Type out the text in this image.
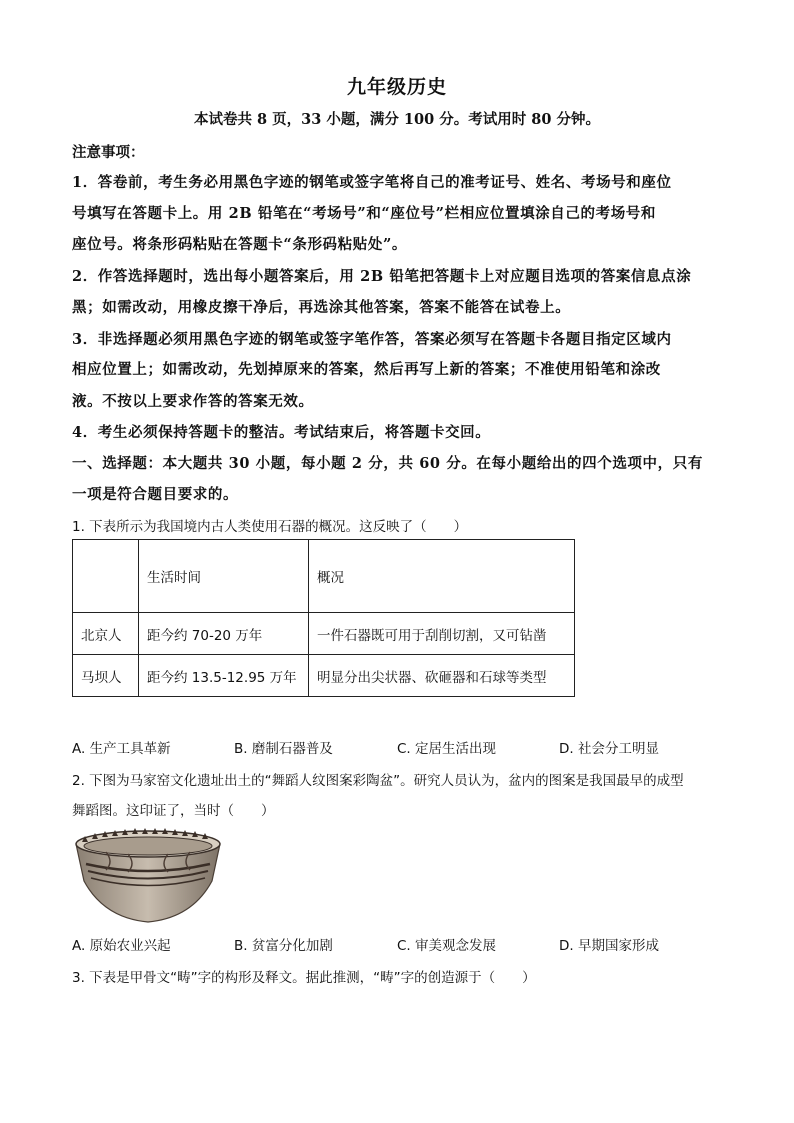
九年级历史
本试卷共 8 页，33 小题，满分 100 分。考试用时 80 分钟。
注意事项：
1．答卷前，考生务必用黑色字迹的钢笔或签字笔将自己的准考证号、姓名、考场号和座位
号填写在答题卡上。用 2B 铅笔在“考场号”和“座位号”栏相应位置填涂自己的考场号和
座位号。将条形码粘贴在答题卡“条形码粘贴处”。
2．作答选择题时，选出每小题答案后，用 2B 铅笔把答题卡上对应题目选项的答案信息点涂
黑；如需改动，用橡皮擦干净后，再选涂其他答案，答案不能答在试卷上。
3．非选择题必须用黑色字迹的钢笔或签字笔作答，答案必须写在答题卡各题目指定区域内
相应位置上；如需改动，先划掉原来的答案，然后再写上新的答案；不准使用铅笔和涂改
液。不按以上要求作答的答案无效。
4．考生必须保持答题卡的整洁。考试结束后，将答题卡交回。
一、选择题：本大题共 30 小题，每小题 2 分，共 60 分。在每小题给出的四个选项中，只有
一项是符合题目要求的。
1. 下表所示为我国境内古人类使用石器的概况。这反映了（　　）
	生活时间	概况
北京人	距今约 70-20 万年	一件石器既可用于刮削切割，又可钻凿
马坝人	距今约 13.5-12.95 万年	明显分出尖状器、砍砸器和石球等类型
A. 生产工具革新	B. 磨制石器普及	C. 定居生活出现	D. 社会分工明显
2. 下图为马家窑文化遗址出土的“舞蹈人纹图案彩陶盆”。研究人员认为，盆内的图案是我国最早的成型
舞蹈图。这印证了，当时（　　）
A. 原始农业兴起	B. 贫富分化加剧	C. 审美观念发展	D. 早期国家形成
3. 下表是甲骨文“畴”字的构形及释文。据此推测，“畴”字的创造源于（　　）
